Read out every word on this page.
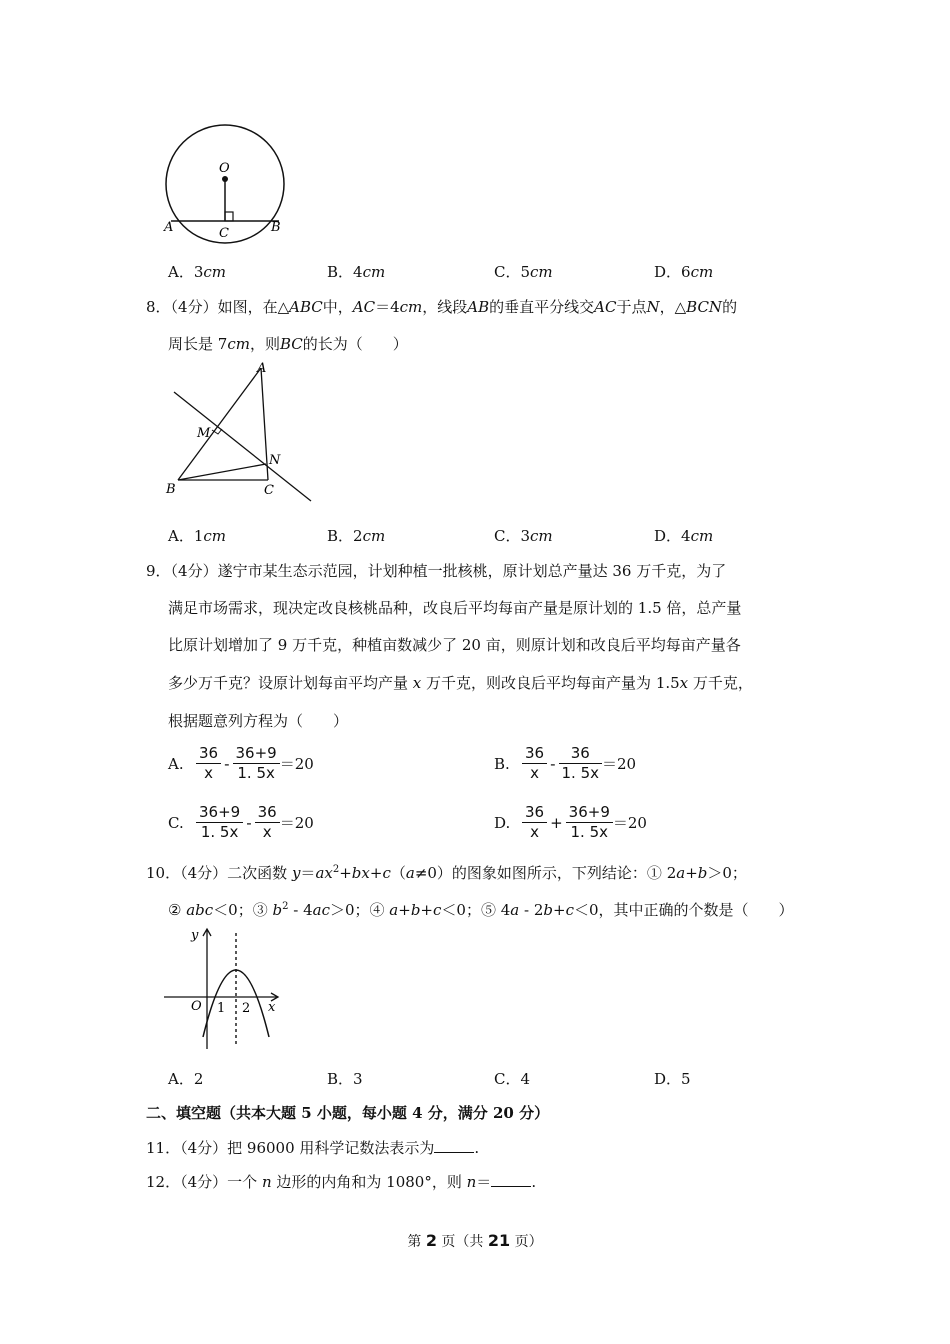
O
A	B
C
A．3cm	B．4cm	C．5cm	D．6cm
8．（4分）如图，在△ABC中，AC＝4cm，线段AB的垂直平分线交AC于点N，△BCN的
周长是 7cm，则BC的长为（　　）
A
M
N
B	C
A．1cm	B．2cm	C．3cm	D．4cm
9．（4分）遂宁市某生态示范园，计划种植一批核桃，原计划总产量达 36 万千克，为了
满足市场需求，现决定改良核桃品种，改良后平均每亩产量是原计划的 1.5 倍，总产量
比原计划增加了 9 万千克，种植亩数减少了 20 亩，则原计划和改良后平均每亩产量各
多少万千克？设原计划每亩平均产量 x 万千克，则改良后平均每亩产量为 1.5x 万千克，
根据题意列方程为（　　）
A. $\frac{36}{x} - \frac{36+9}{1. 5x} =20$	B. $\frac{36}{x} - \frac{36}{1. 5x} =20$
C. $\frac{36+9}{1. 5x} - \frac{36}{x} =20$	D. $\frac{36}{x} + \frac{36+9}{1. 5x} =20$
10．（4分）二次函数 $y=ax^2+bx+c(a\ne 0)$的图象如图所示，下列结论：① 2a+b＞0；
② abc＜0；③ $b^2 - 4ac>0$；④ a+b+c＜0；⑤ 4a - 2b+c＜0，其中正确的个数是（　　）
y
x
O 1 2
A．2	B．3	C．4	D．5
二、填空题（共本大题 5 小题，每小题 4 分，满分 20 分）
11．（4分）把 96000 用科学记数法表示为	.
12．（4分）一个 n 边形的内角和为 1080°，则 n＝	.
第 2 页（共 21 页）
